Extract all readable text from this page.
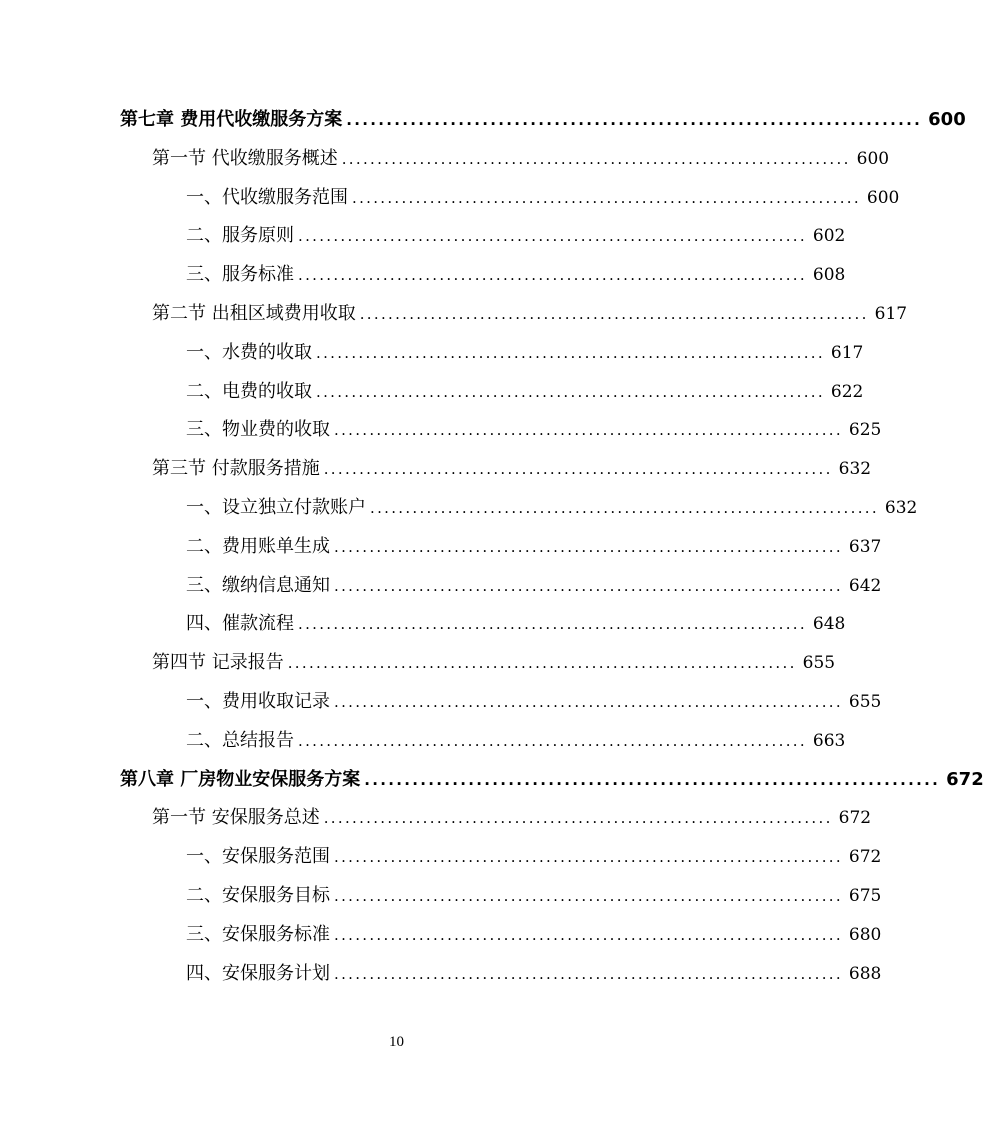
第七章 费用代收缴服务方案 ........................................................................ 600
第一节 代收缴服务概述 ........................................................................ 600
一、代收缴服务范围 ........................................................................ 600
二、服务原则 ........................................................................ 602
三、服务标准 ........................................................................ 608
第二节 出租区域费用收取 ........................................................................ 617
一、水费的收取 ........................................................................ 617
二、电费的收取 ........................................................................ 622
三、物业费的收取 ........................................................................ 625
第三节 付款服务措施 ........................................................................ 632
一、设立独立付款账户 ........................................................................ 632
二、费用账单生成 ........................................................................ 637
三、缴纳信息通知 ........................................................................ 642
四、催款流程 ........................................................................ 648
第四节 记录报告 ........................................................................ 655
一、费用收取记录 ........................................................................ 655
二、总结报告 ........................................................................ 663
第八章 厂房物业安保服务方案 ........................................................................ 672
第一节 安保服务总述 ........................................................................ 672
一、安保服务范围 ........................................................................ 672
二、安保服务目标 ........................................................................ 675
三、安保服务标准 ........................................................................ 680
四、安保服务计划 ........................................................................ 688
10
